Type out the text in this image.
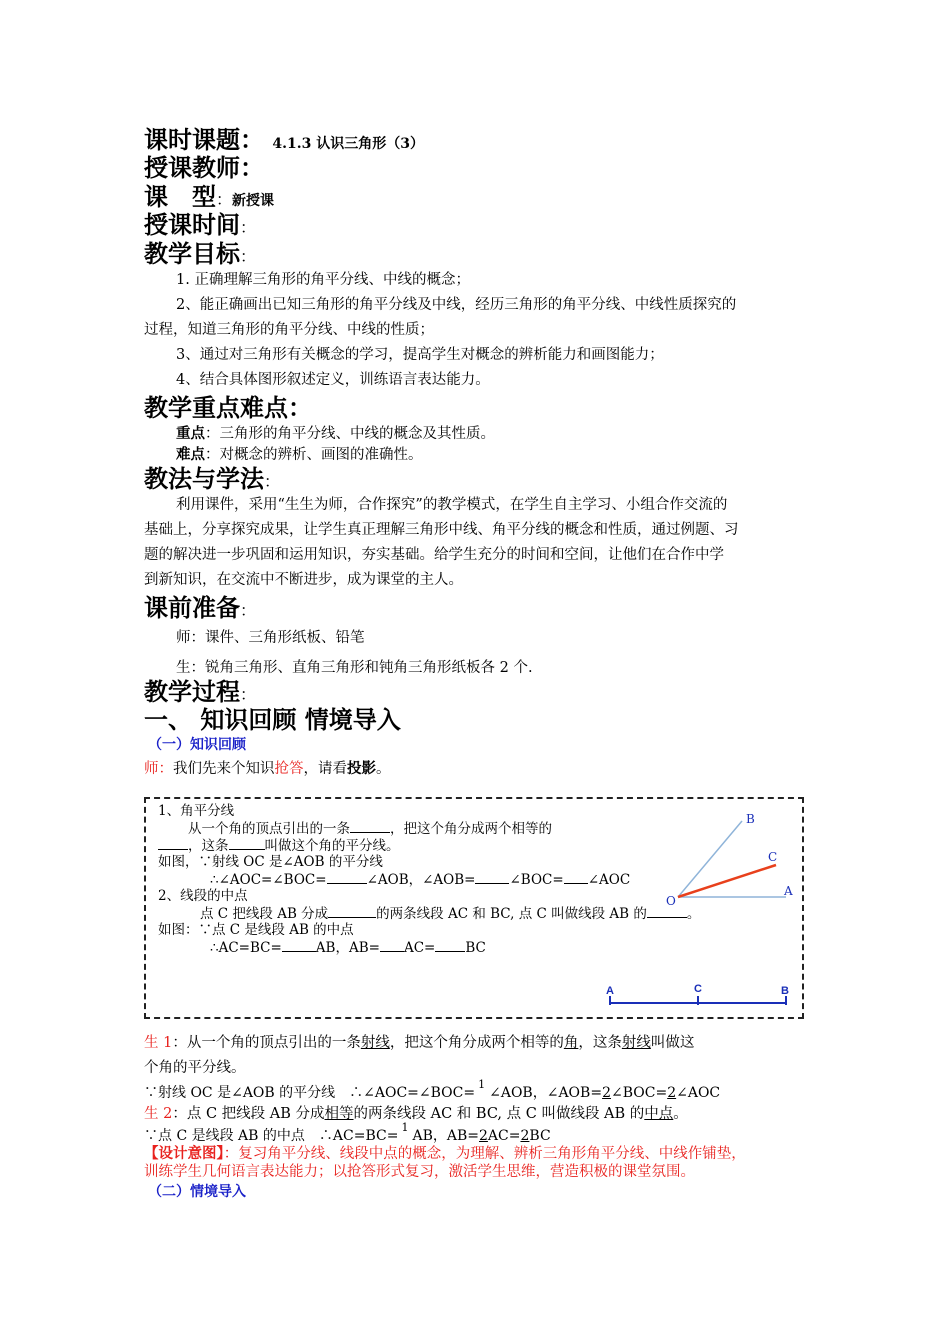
课时课题： 4.1.3 认识三角形（3）
授课教师：
课　型：新授课
授课时间：
教学目标：
1. 正确理解三角形的角平分线、中线的概念；
2、能正确画出已知三角形的角平分线及中线，经历三角形的角平分线、中线性质探究的
过程，知道三角形的角平分线、中线的性质；
3、通过对三角形有关概念的学习，提高学生对概念的辨析能力和画图能力；
4、结合具体图形叙述定义，训练语言表达能力。
教学重点难点：
重点：三角形的角平分线、中线的概念及其性质。
难点：对概念的辨析、画图的准确性。
教法与学法：
利用课件，采用“生生为师，合作探究”的教学模式，在学生自主学习、小组合作交流的
基础上，分享探究成果，让学生真正理解三角形中线、角平分线的概念和性质，通过例题、习
题的解决进一步巩固和运用知识，夯实基础。给学生充分的时间和空间，让他们在合作中学
到新知识，在交流中不断进步，成为课堂的主人。
课前准备：
师：课件、三角形纸板、铅笔
生：锐角三角形、直角三角形和钝角三角形纸板各 2 个.
教学过程：
一、 知识回顾 情境导入
（一）知识回顾
师：我们先来个知识抢答，请看投影。
1、角平分线
从一个角的顶点引出的一条	，把这个角分成两个相等的
，这条	叫做这个角的平分线。
如图，∵射线 OC 是∠AOB 的平分线
∴∠AOC=∠BOC=	∠AOB，∠AOB=	∠BOC= ∠AOC
2、线段的中点
点 C 把线段 AB 分成	的两条线段 AC 和 BC, 点 C 叫做线段 AB 的	。
如图：∵点 C 是线段 AB 的中点
∴AC=BC=	AB，AB= AC= BC
B
C
A
O
A	C	B
生 1：从一个角的顶点引出的一条射线，把这个角分成两个相等的角，这条射线叫做这
个角的平分线。
∵射线 OC 是∠AOB 的平分线　∴∠AOC=∠BOC=
1
∠AOB，∠AOB=2∠BOC=2∠AOC
生 2：点 C 把线段 AB 分成相等的两条线段 AC 和 BC, 点 C 叫做线段 AB 的中点。
∵点 C 是线段 AB 的中点　∴AC=BC=
1
AB，AB=2AC=2BC
【设计意图】：复习角平分线、线段中点的概念，为理解、辨析三角形角平分线、中线作铺垫，
训练学生几何语言表达能力；以抢答形式复习，激活学生思维，营造积极的课堂氛围。
（二）情境导入
